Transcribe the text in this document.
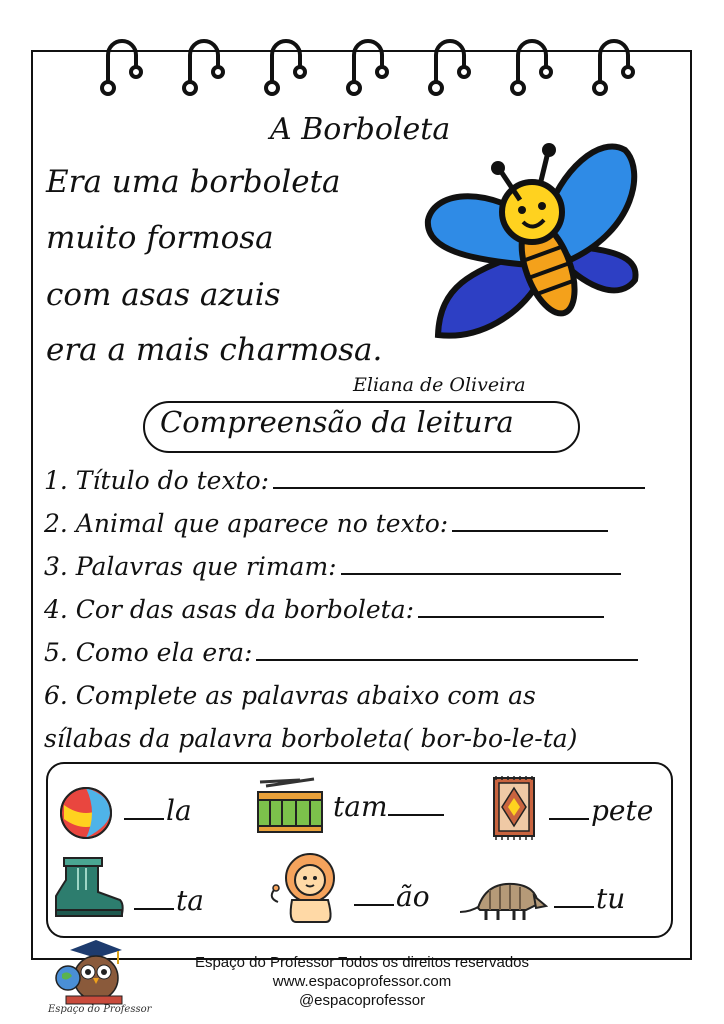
A Borboleta
Era uma borboleta
muito formosa
com asas azuis
era a mais charmosa.
Eliana de Oliveira
Compreensão da leitura
1. Título do texto:
2. Animal que aparece no texto:
3. Palavras que rimam:
4. Cor das asas da borboleta:
5. Como ela era:
6. Complete as palavras abaixo com as
sílabas da palavra borboleta( bor-bo-le-ta)
la	tam	pete
ta	ão	tu
Espaço do Professor
Espaço do Professor Todos os direitos reservados
www.espacoprofessor.com
@espacoprofessor
